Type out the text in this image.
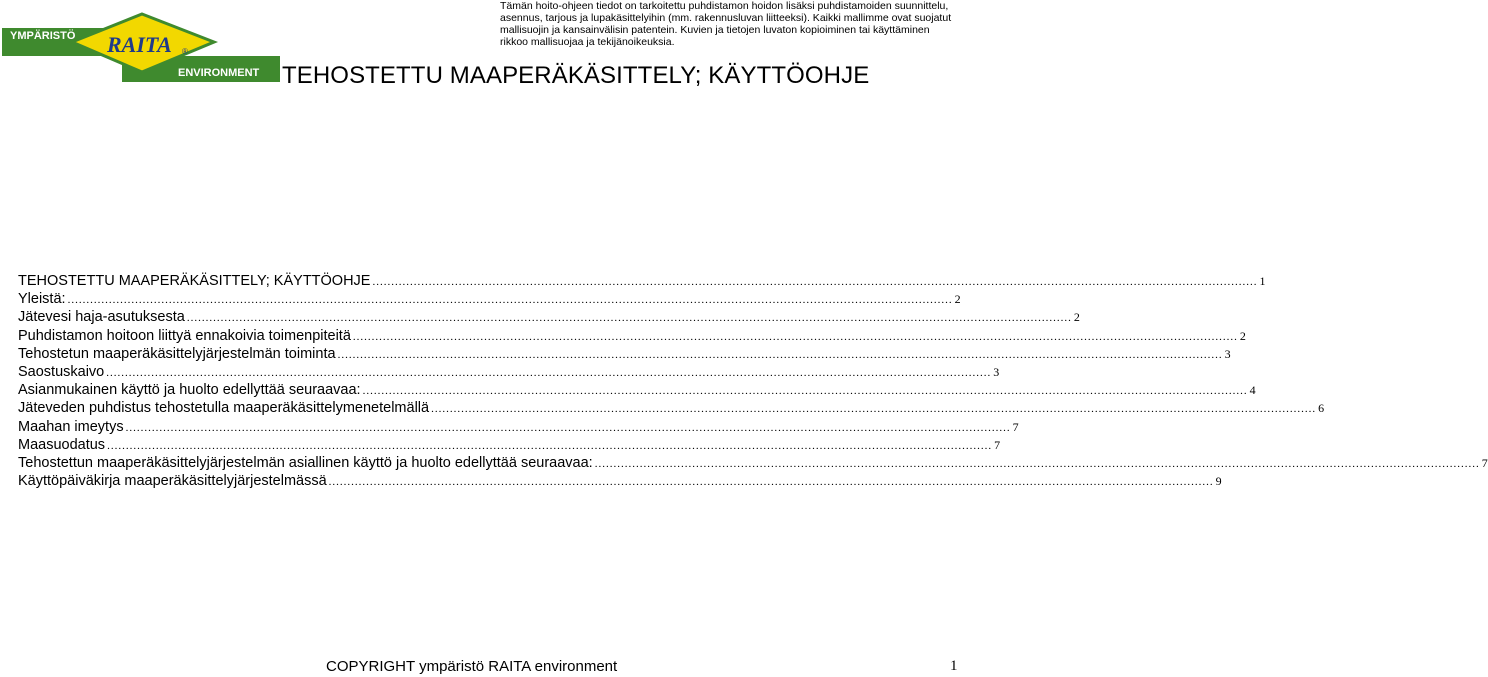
YMPÄRISTÖ RAITA ®
ENVIRONMENT

Tämän hoito-ohjeen tiedot on tarkoitettu puhdistamon hoidon lisäksi puhdistamoiden suunnittelu,
asennus, tarjous ja lupakäsittelyihin (mm. rakennusluvan liitteeksi). Kaikki mallimme ovat suojatut
mallisuojin ja kansainvälisin patentein. Kuvien ja tietojen luvaton kopioiminen tai käyttäminen
rikkoo mallisuojaa ja tekijänoikeuksia.

TEHOSTETTU MAAPERÄKÄSITTELY; KÄYTTÖOHJE
TEHOSTETTU MAAPERÄKÄSITTELY; KÄYTTÖOHJE ............................................................................................................................................................................................................................................ 1
Yleistä: ............................................................................................................................................................................................................................................ 2
Jätevesi haja-asutuksesta ............................................................................................................................................................................................................................................ 2
Puhdistamon hoitoon liittyä ennakoivia toimenpiteitä ............................................................................................................................................................................................................................................ 2
Tehostetun maaperäkäsittelyjärjestelmän toiminta ............................................................................................................................................................................................................................................ 3
Saostuskaivo ............................................................................................................................................................................................................................................ 3
Asianmukainen käyttö ja huolto edellyttää seuraavaa: ............................................................................................................................................................................................................................................ 4
Jäteveden puhdistus tehostetulla maaperäkäsittelymenetelmällä ............................................................................................................................................................................................................................................ 6
Maahan imeytys ............................................................................................................................................................................................................................................ 7
Maasuodatus ............................................................................................................................................................................................................................................ 7
Tehostettun maaperäkäsittelyjärjestelmän asiallinen käyttö ja huolto edellyttää seuraavaa: ............................................................................................................................................................................................................................................ 7
Käyttöpäiväkirja maaperäkäsittelyjärjestelmässä ............................................................................................................................................................................................................................................ 9
COPYRIGHT ympäristö RAITA environment	1
